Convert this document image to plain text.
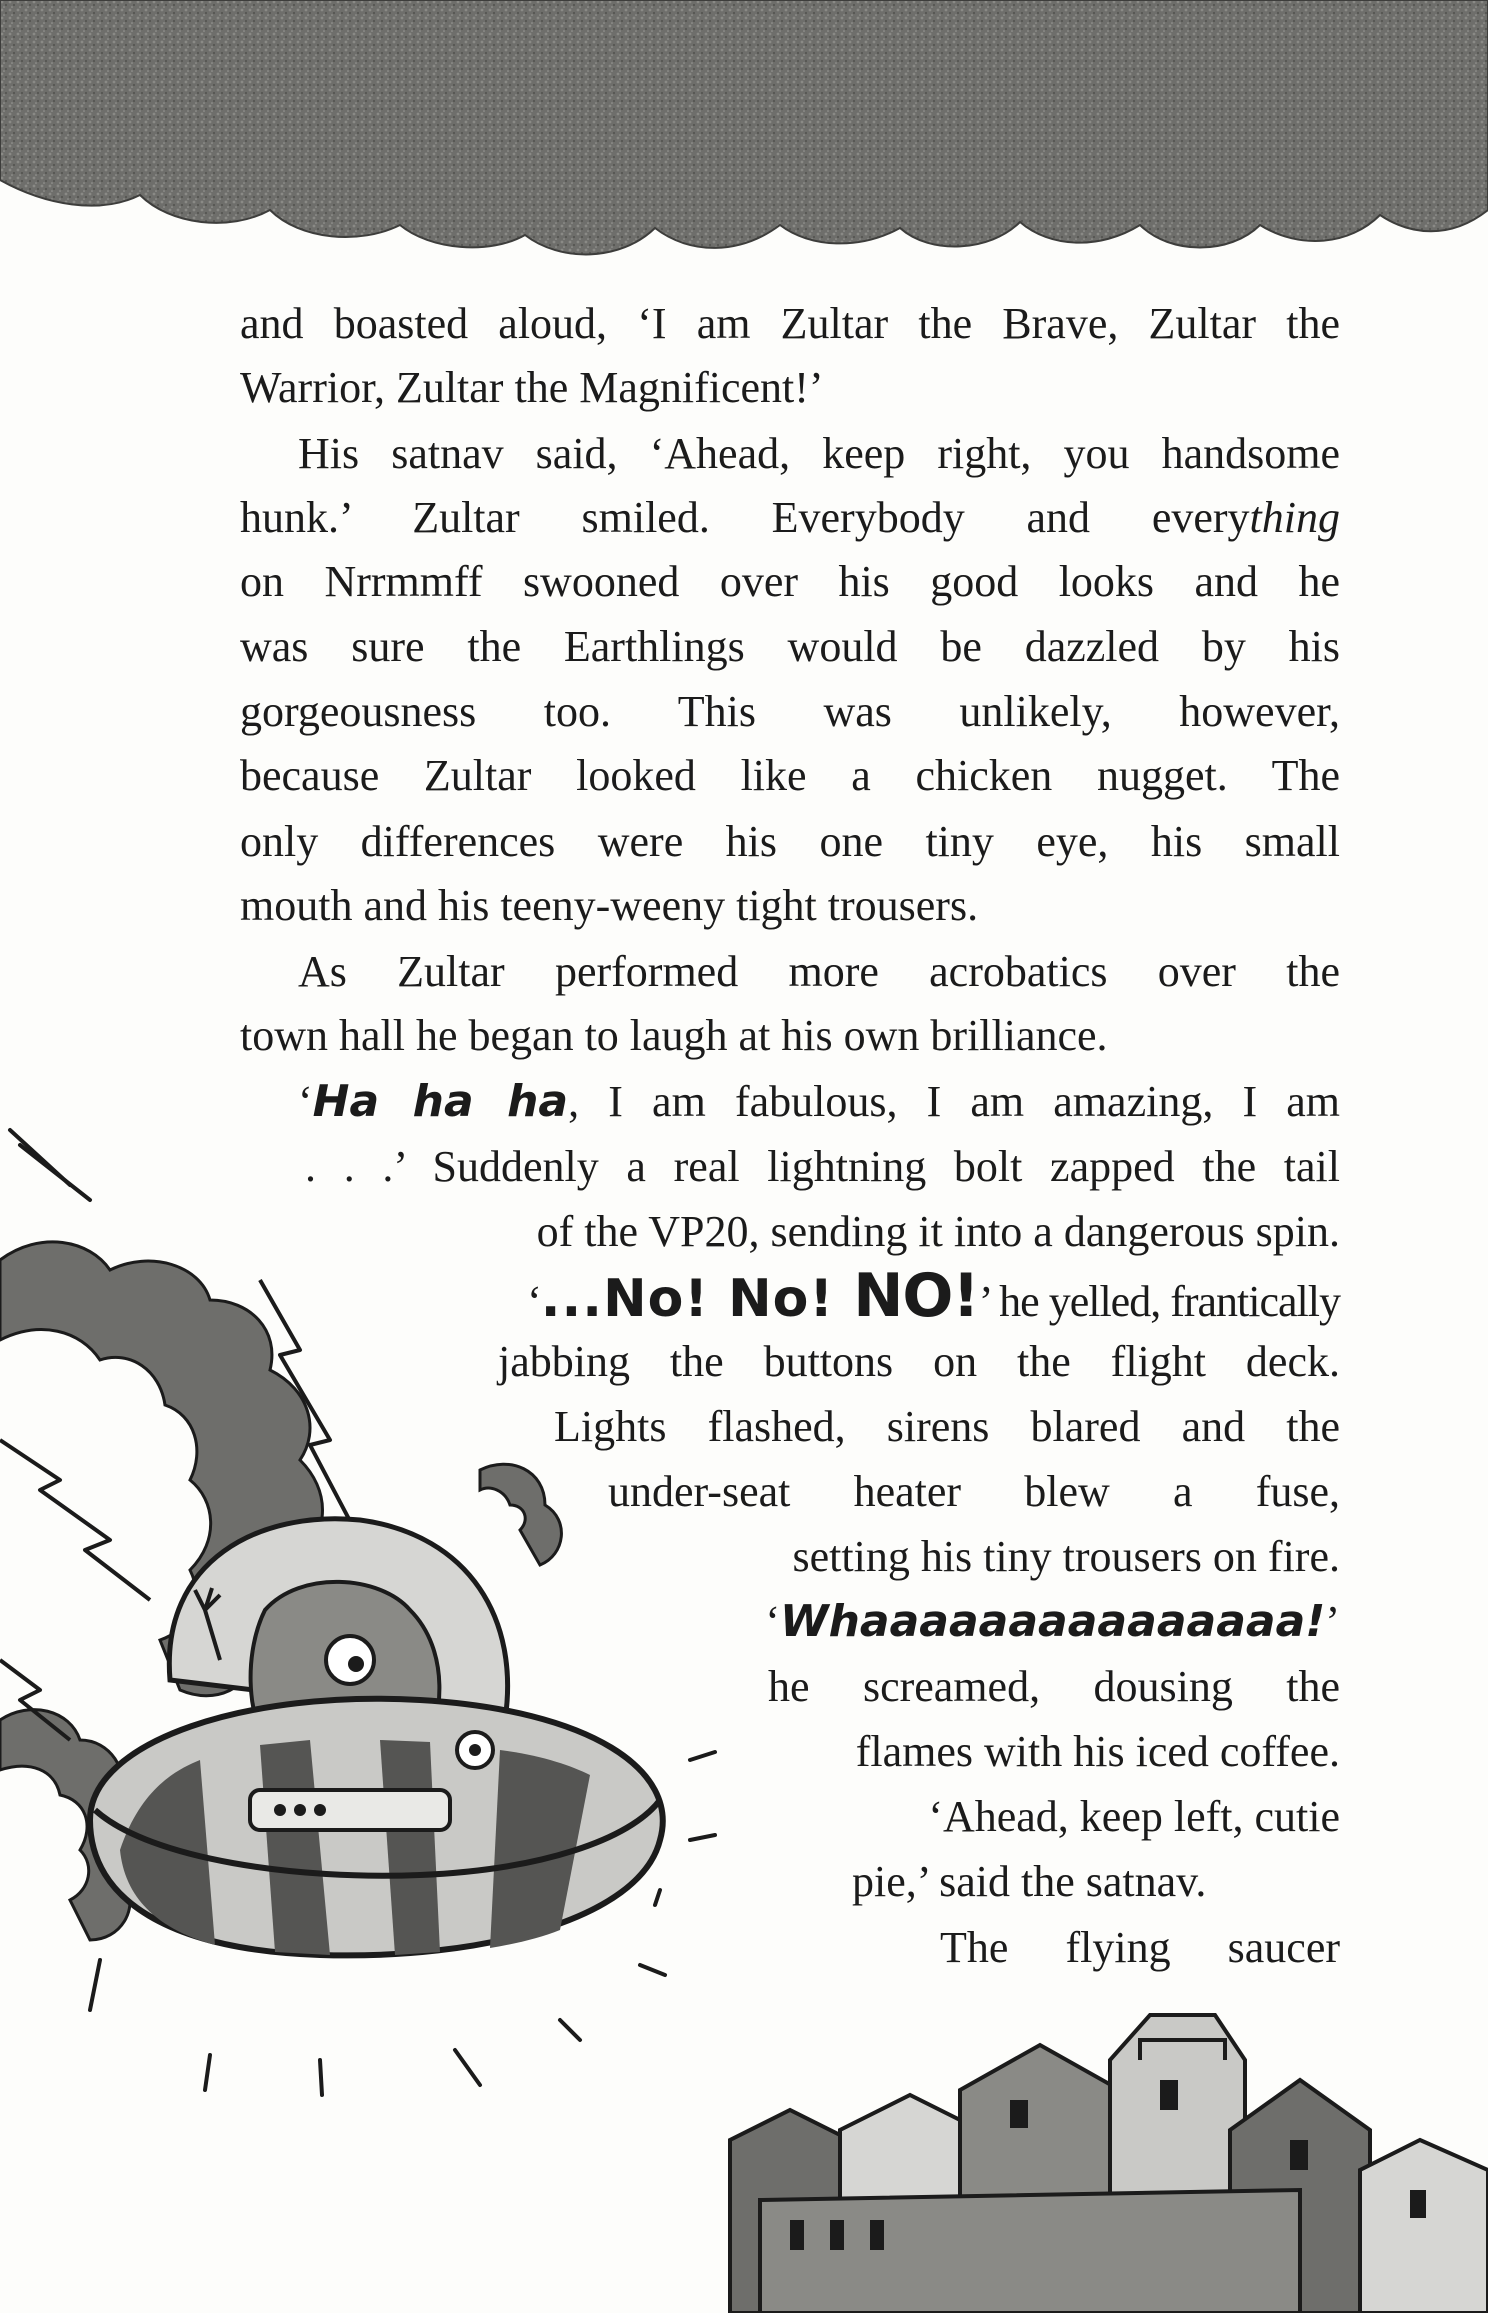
and boasted aloud, ‘I am Zultar the Brave, Zultar the
Warrior, Zultar the Magnificent!’
His satnav said, ‘Ahead, keep right, you handsome
hunk.’ Zultar smiled. Everybody and everything
on Nrrmmff swooned over his good looks and he
was sure the Earthlings would be dazzled by his
gorgeousness too. This was unlikely, however,
because Zultar looked like a chicken nugget. The
only differences were his one tiny eye, his small
mouth and his teeny-weeny tight trousers.
As Zultar performed more acrobatics over the
town hall he began to laugh at his own brilliance.
‘Ha ha ha, I am fabulous, I am amazing, I am
. . .’ Suddenly a real lightning bolt zapped the tail
of the VP20, sending it into a dangerous spin.
‘...No! No! NO!’ he yelled, frantically
jabbing the buttons on the flight deck.
Lights flashed, sirens blared and the
under-seat heater blew a fuse,
setting his tiny trousers on fire.
‘Whaaaaaaaaaaaaaaa!’
he screamed, dousing the
flames with his iced coffee.
‘Ahead, keep left, cutie
pie,’ said the satnav.
The flying saucer
